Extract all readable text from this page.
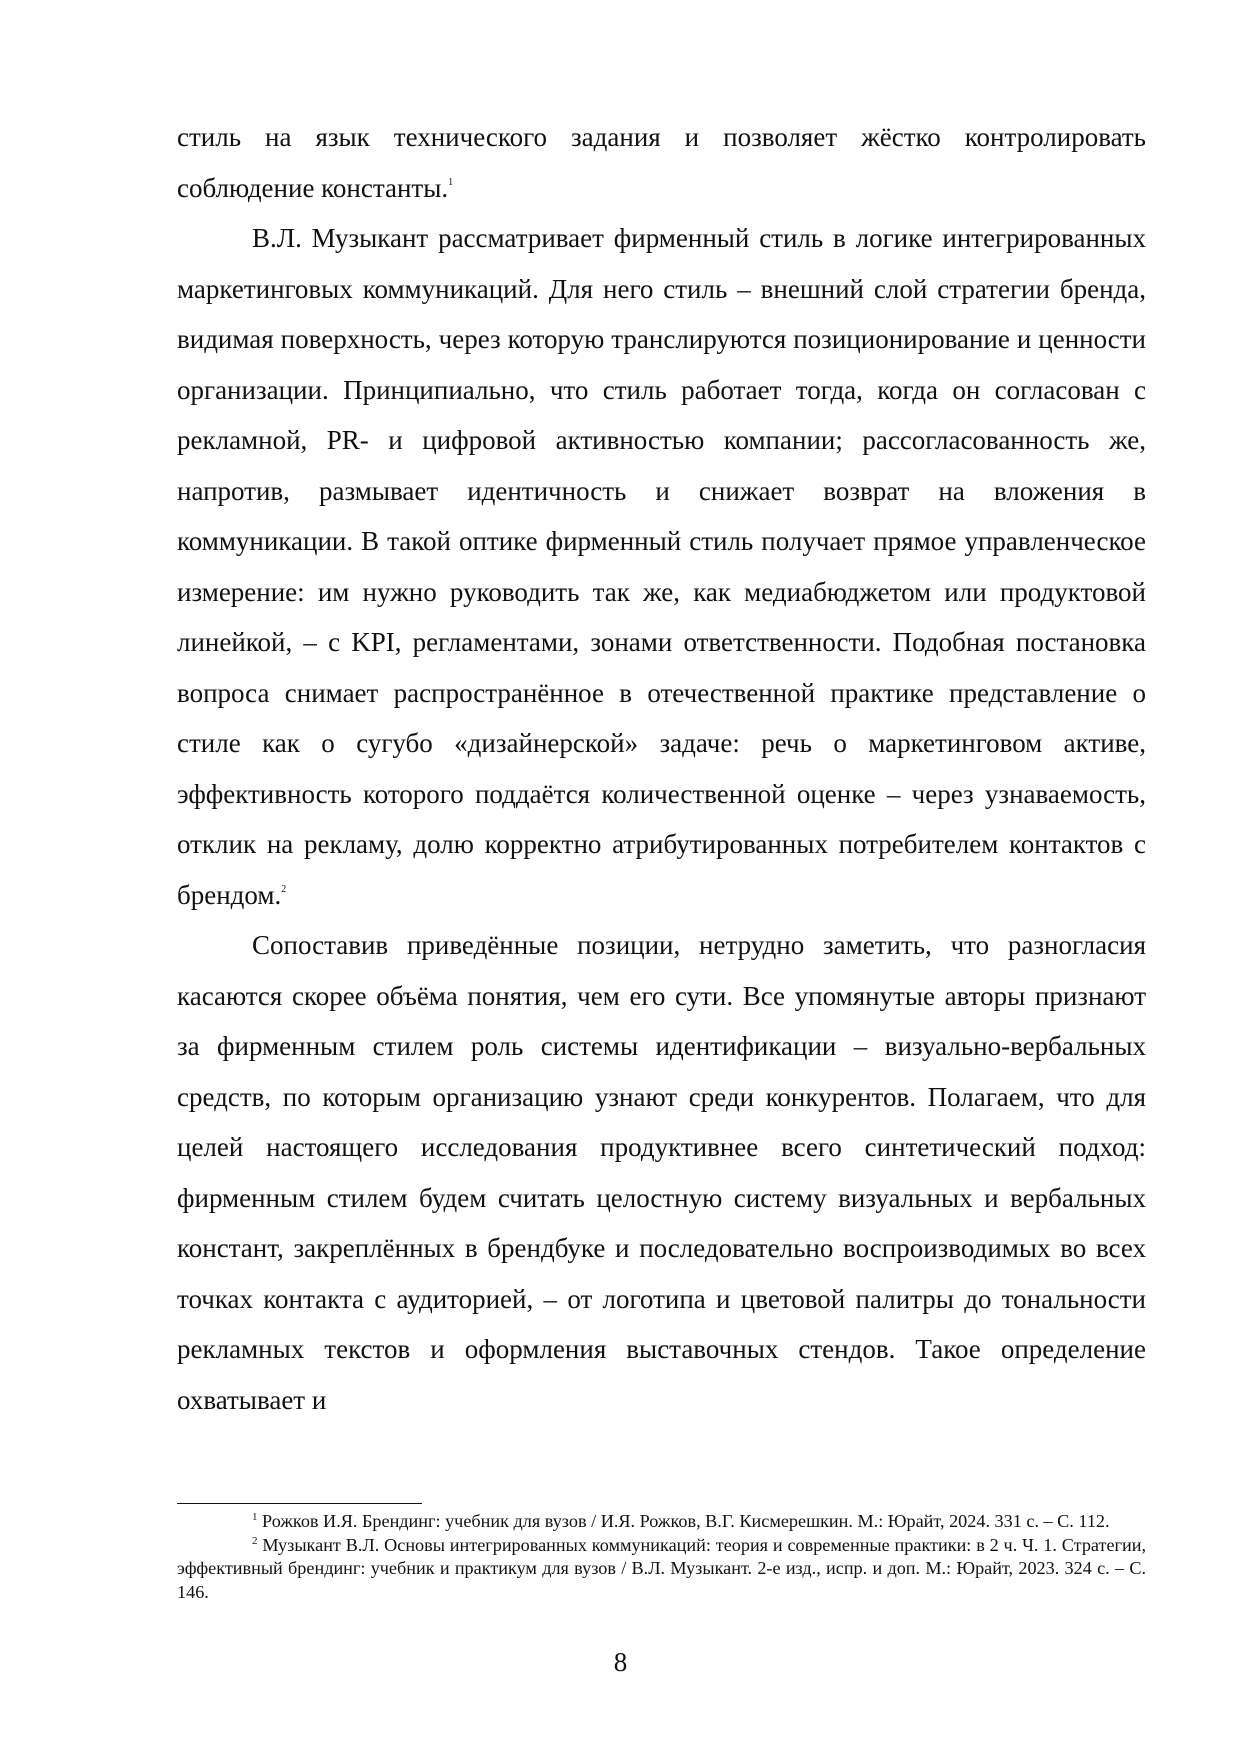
стиль на язык технического задания и позволяет жёстко контролировать соблюдение константы.$^1$

В.Л. Музыкант рассматривает фирменный стиль в логике интегрированных маркетинговых коммуникаций. Для него стиль – внешний слой стратегии бренда, видимая поверхность, через которую транслируются позиционирование и ценности организации. Принципиально, что стиль работает тогда, когда он согласован с рекламной, PR- и цифровой активностью компании; рассогласованность же, напротив, размывает идентичность и снижает возврат на вложения в коммуникации. В такой оптике фирменный стиль получает прямое управленческое измерение: им нужно руководить так же, как медиабюджетом или продуктовой линейкой, – с KPI, регламентами, зонами ответственности. Подобная постановка вопроса снимает распространённое в отечественной практике представление о стиле как о сугубо «дизайнерской» задаче: речь о маркетинговом активе, эффективность которого поддаётся количественной оценке – через узнаваемость, отклик на рекламу, долю корректно атрибутированных потребителем контактов с брендом.$^2$

Сопоставив приведённые позиции, нетрудно заметить, что разногласия касаются скорее объёма понятия, чем его сути. Все упомянутые авторы признают за фирменным стилем роль системы идентификации – визуально-вербальных средств, по которым организацию узнают среди конкурентов. Полагаем, что для целей настоящего исследования продуктивнее всего синтетический подход: фирменным стилем будем считать целостную систему визуальных и вербальных констант, закреплённых в брендбуке и последовательно воспроизводимых во всех точках контакта с аудиторией, – от логотипа и цветовой палитры до тональности рекламных текстов и оформления выставочных стендов. Такое определение охватывает и

$^1$ Рожков И.Я. Брендинг: учебник для вузов / И.Я. Рожков, В.Г. Кисмерешкин. М.: Юрайт, 2024. 331 с. – С. 112.

$^2$ Музыкант В.Л. Основы интегрированных коммуникаций: теория и современные практики: в 2 ч. Ч. 1. Стратегии, эффективный брендинг: учебник и практикум для вузов / В.Л. Музыкант. 2-е изд., испр. и доп. М.: Юрайт, 2023. 324 с. – С. 146.

8
